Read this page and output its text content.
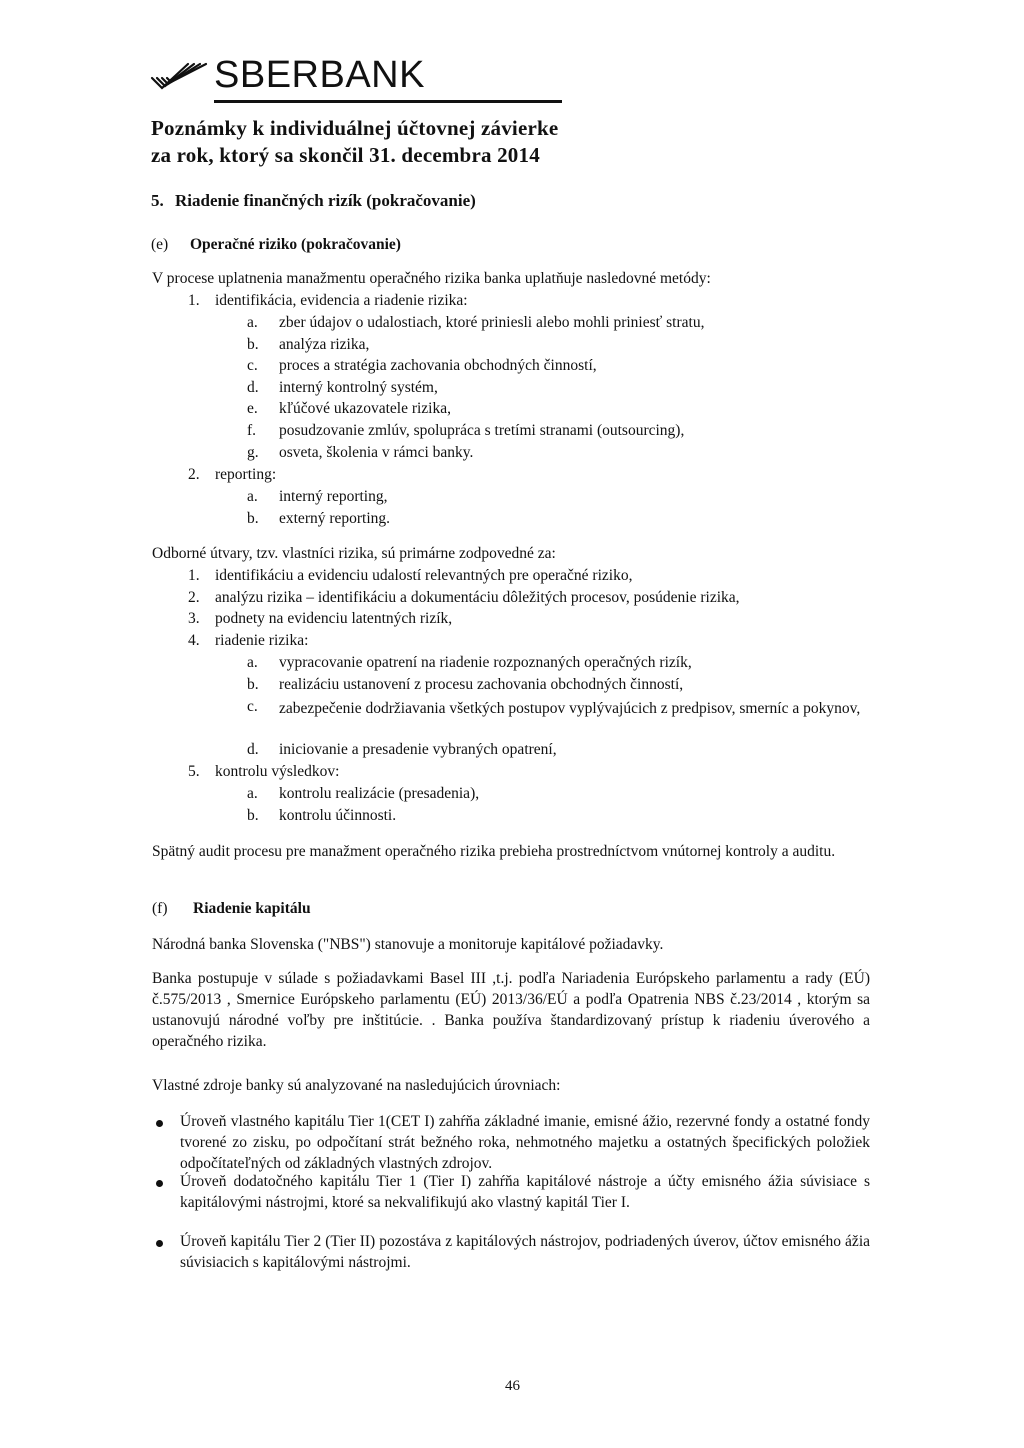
SBERBANK
Poznámky k individuálnej účtovnej závierke
za rok, ktorý sa skončil 31. decembra 2014
5. Riadenie finančných rizík (pokračovanie)
(e) Operačné riziko (pokračovanie)
V procese uplatnenia manažmentu operačného rizika banka uplatňuje nasledovné metódy:
1. identifikácia, evidencia a riadenie rizika:
a. zber údajov o udalostiach, ktoré priniesli alebo mohli priniesť stratu,
b. analýza rizika,
c. proces a stratégia zachovania obchodných činností,
d. interný kontrolný systém,
e. kľúčové ukazovatele rizika,
f. posudzovanie zmlúv, spolupráca s tretími stranami (outsourcing),
g. osveta, školenia v rámci banky.
2. reporting:
a. interný reporting,
b. externý reporting.
Odborné útvary, tzv. vlastníci rizika, sú primárne zodpovedné za:
1. identifikáciu a evidenciu udalostí relevantných pre operačné riziko,
2. analýzu rizika – identifikáciu a dokumentáciu dôležitých procesov, posúdenie rizika,
3. podnety na evidenciu latentných rizík,
4. riadenie rizika:
a. vypracovanie opatrení na riadenie rozpoznaných operačných rizík,
b. realizáciu ustanovení z procesu zachovania obchodných činností,
c. zabezpečenie dodržiavania všetkých postupov vyplývajúcich z predpisov, smerníc a pokynov,
d. iniciovanie a presadenie vybraných opatrení,
5. kontrolu výsledkov:
a. kontrolu realizácie (presadenia),
b. kontrolu účinnosti.
Spätný audit procesu pre manažment operačného rizika prebieha prostredníctvom vnútornej kontroly a auditu.
(f) Riadenie kapitálu
Národná banka Slovenska ("NBS") stanovuje a monitoruje kapitálové požiadavky.
Banka postupuje v súlade s požiadavkami Basel III ,t.j. podľa Nariadenia Európskeho parlamentu a rady (EÚ) č.575/2013 , Smernice Európskeho parlamentu (EÚ) 2013/36/EÚ a podľa Opatrenia NBS č.23/2014 , ktorým sa ustanovujú národné voľby pre inštitúcie. . Banka používa štandardizovaný prístup k riadeniu úverového a operačného rizika.
Vlastné zdroje banky sú analyzované na nasledujúcich úrovniach:
Úroveň vlastného kapitálu Tier 1(CET I) zahŕňa základné imanie, emisné ážio, rezervné fondy a ostatné fondy tvorené zo zisku, po odpočítaní strát bežného roka, nehmotného majetku a ostatných špecifických položiek odpočítateľných od základných vlastných zdrojov.
Úroveň dodatočného kapitálu Tier 1 (Tier I) zahŕňa kapitálové nástroje a účty emisného ážia súvisiace s kapitálovými nástrojmi, ktoré sa nekvalifikujú ako vlastný kapitál Tier I.
Úroveň kapitálu Tier 2 (Tier II) pozostáva z kapitálových nástrojov, podriadených úverov, účtov emisného ážia súvisiacich s kapitálovými nástrojmi.
46
